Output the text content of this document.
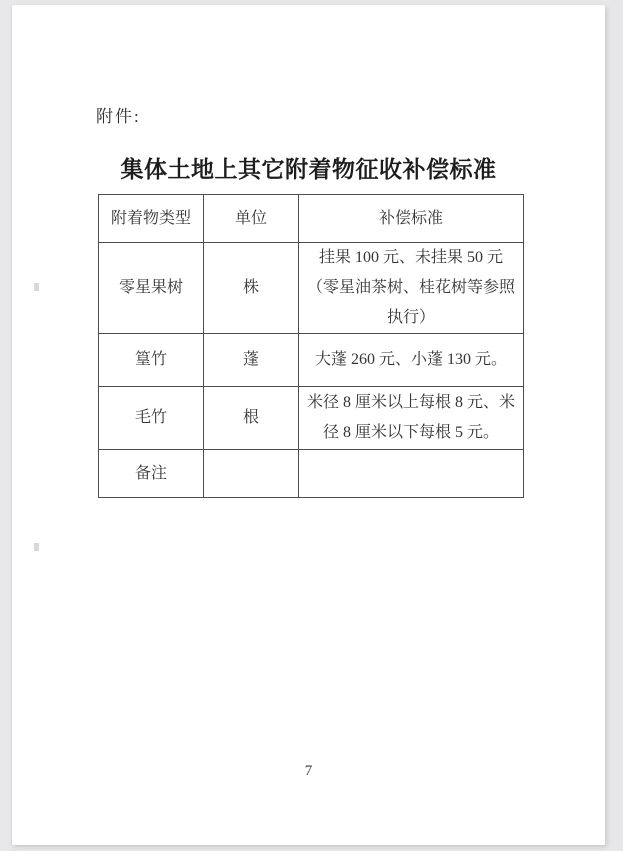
附件:
集体土地上其它附着物征收补偿标准
附着物类型	单位	补偿标准
零星果树	株	挂果 100 元、未挂果 50 元（零星油茶树、桂花树等参照执行）
篁竹	蓬	大蓬 260 元、小蓬 130 元。
毛竹	根	米径 8 厘米以上每根 8 元、米径 8 厘米以下每根 5 元。
备注		
7
